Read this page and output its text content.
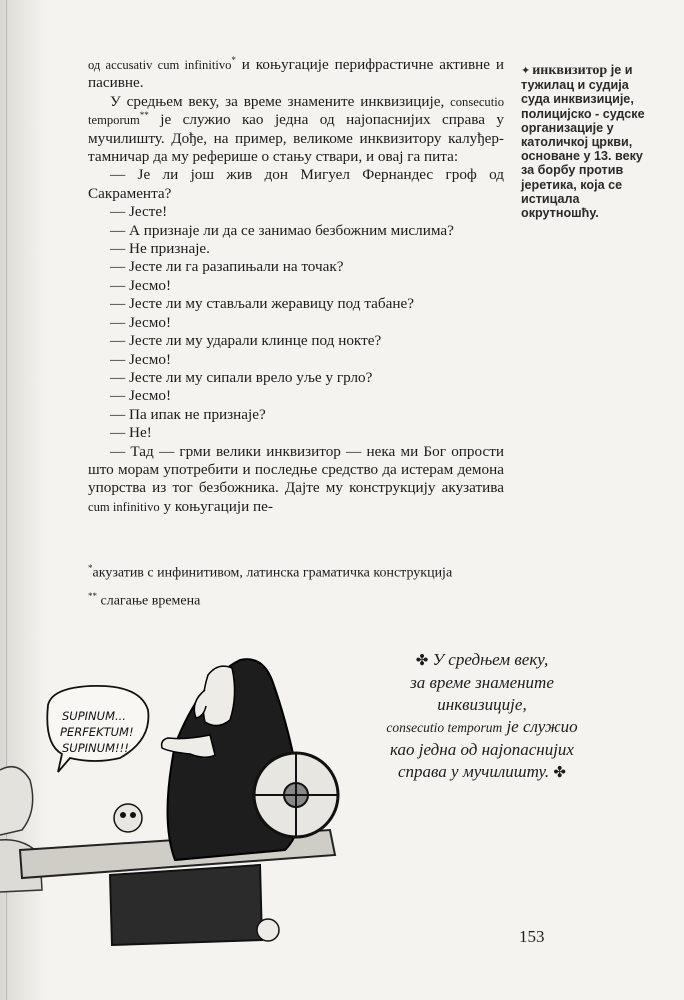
од accusativ cum infinitivo* и коњугације перифрастичне активне и пасивне.

У средњем веку, за време знамените инквизиције, consecutio temporum** је служио као једна од најопаснијих справа у мучилишту. Дође, на пример, великоме инквизитору калуђер-тамничар да му реферише о стању ствари, и овај га пита:

— Је ли још жив дон Мигуел Фернандес гроф од Сакрамента?

— Јесте!

— А признаје ли да се занимао безбожним мислима?

— Не признаје.

— Јесте ли га разапињали на точак?

— Јесмо!

— Јесте ли му стављали жеравицу под табане?

— Јесмо!

— Јесте ли му ударали клинце под нокте?

— Јесмо!

— Јесте ли му сипали врело уље у грло?

— Јесмо!

— Па ипак не признаје?

— Не!

— Тад — грми велики инквизитор — нека ми Бог опрости што морам употребити и последње средство да истерам демона упорства из тог безбожника. Дајте му конструкцију акузатива cum infinitivo у коњугацији пе-

✦ инквизитор је и тужилац и судија суда инквизиције, полицијско - судске организације у католичкој цркви, основане у 13. веку за борбу против јеретика, која се истицала окрутношћу.

*акузатив с инфинитивом, латинска граматичка конструкција

** слагање времена

✤ У средњем веку,
за време знамените
инквизиције,
consecutio temporum је служио
као једна од најопаснијих
справа у мучилишту. ✤
SUPINUM...
PERFEKTUM!
SUPINUM!!!
153
